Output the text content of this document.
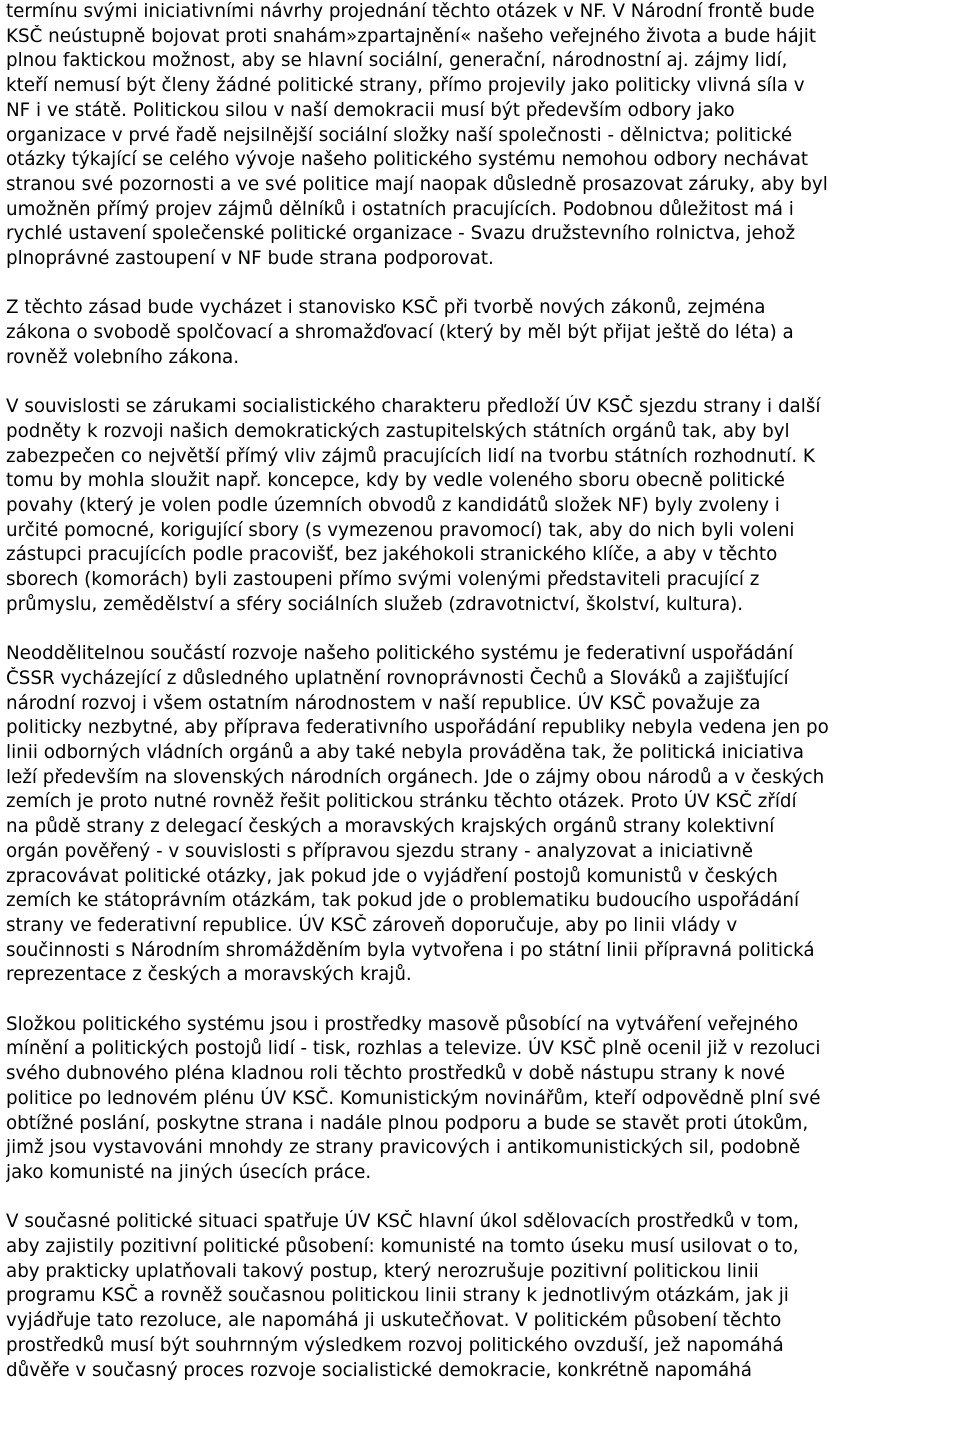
termínu svými iniciativními návrhy projednání těchto otázek v NF. V Národní frontě bude
KSČ neústupně bojovat proti snahám»zpartajnění« našeho veřejného života a bude hájit
plnou faktickou možnost, aby se hlavní sociální, generační, národnostní aj. zájmy lidí,
kteří nemusí být členy žádné politické strany, přímo projevily jako politicky vlivná síla v
NF i ve státě. Politickou silou v naší demokracii musí být především odbory jako
organizace v prvé řadě nejsilnější sociální složky naší společnosti - dělnictva; politické
otázky týkající se celého vývoje našeho politického systému nemohou odbory nechávat
stranou své pozornosti a ve své politice mají naopak důsledně prosazovat záruky, aby byl
umožněn přímý projev zájmů dělníků i ostatních pracujících. Podobnou důležitost má i
rychlé ustavení společenské politické organizace - Svazu družstevního rolnictva, jehož
plnoprávné zastoupení v NF bude strana podporovat.

Z těchto zásad bude vycházet i stanovisko KSČ při tvorbě nových zákonů, zejména
zákona o svobodě spolčovací a shromažďovací (který by měl být přijat ještě do léta) a
rovněž volebního zákona.

V souvislosti se zárukami socialistického charakteru předloží ÚV KSČ sjezdu strany i další
podněty k rozvoji našich demokratických zastupitelských státních orgánů tak, aby byl
zabezpečen co největší přímý vliv zájmů pracujících lidí na tvorbu státních rozhodnutí. K
tomu by mohla sloužit např. koncepce, kdy by vedle voleného sboru obecně politické
povahy (který je volen podle územních obvodů z kandidátů složek NF) byly zvoleny i
určité pomocné, korigující sbory (s vymezenou pravomocí) tak, aby do nich byli voleni
zástupci pracujících podle pracovišť, bez jakéhokoli stranického klíče, a aby v těchto
sborech (komorách) byli zastoupeni přímo svými volenými představiteli pracující z
průmyslu, zemědělství a sféry sociálních služeb (zdravotnictví, školství, kultura).

Neoddělitelnou součástí rozvoje našeho politického systému je federativní uspořádání
ČSSR vycházející z důsledného uplatnění rovnoprávnosti Čechů a Slováků a zajišťující
národní rozvoj i všem ostatním národnostem v naší republice. ÚV KSČ považuje za
politicky nezbytné, aby příprava federativního uspořádání republiky nebyla vedena jen po
linii odborných vládních orgánů a aby také nebyla prováděna tak, že politická iniciativa
leží především na slovenských národních orgánech. Jde o zájmy obou národů a v českých
zemích je proto nutné rovněž řešit politickou stránku těchto otázek. Proto ÚV KSČ zřídí
na půdě strany z delegací českých a moravských krajských orgánů strany kolektivní
orgán pověřený - v souvislosti s přípravou sjezdu strany - analyzovat a iniciativně
zpracovávat politické otázky, jak pokud jde o vyjádření postojů komunistů v českých
zemích ke státoprávním otázkám, tak pokud jde o problematiku budoucího uspořádání
strany ve federativní republice. ÚV KSČ zároveň doporučuje, aby po linii vlády v
součinnosti s Národním shromážděním byla vytvořena i po státní linii přípravná politická
reprezentace z českých a moravských krajů.

Složkou politického systému jsou i prostředky masově působící na vytváření veřejného
mínění a politických postojů lidí - tisk, rozhlas a televize. ÚV KSČ plně ocenil již v rezoluci
svého dubnového pléna kladnou roli těchto prostředků v době nástupu strany k nové
politice po lednovém plénu ÚV KSČ. Komunistickým novinářům, kteří odpovědně plní své
obtížné poslání, poskytne strana i nadále plnou podporu a bude se stavět proti útokům,
jimž jsou vystavováni mnohdy ze strany pravicových i antikomunistických sil, podobně
jako komunisté na jiných úsecích práce.

V současné politické situaci spatřuje ÚV KSČ hlavní úkol sdělovacích prostředků v tom,
aby zajistily pozitivní politické působení: komunisté na tomto úseku musí usilovat o to,
aby prakticky uplatňovali takový postup, který nerozrušuje pozitivní politickou linii
programu KSČ a rovněž současnou politickou linii strany k jednotlivým otázkám, jak ji
vyjádřuje tato rezoluce, ale napomáhá ji uskutečňovat. V politickém působení těchto
prostředků musí být souhrnným výsledkem rozvoj politického ovzduší, jež napomáhá
důvěře v současný proces rozvoje socialistické demokracie, konkrétně napomáhá
